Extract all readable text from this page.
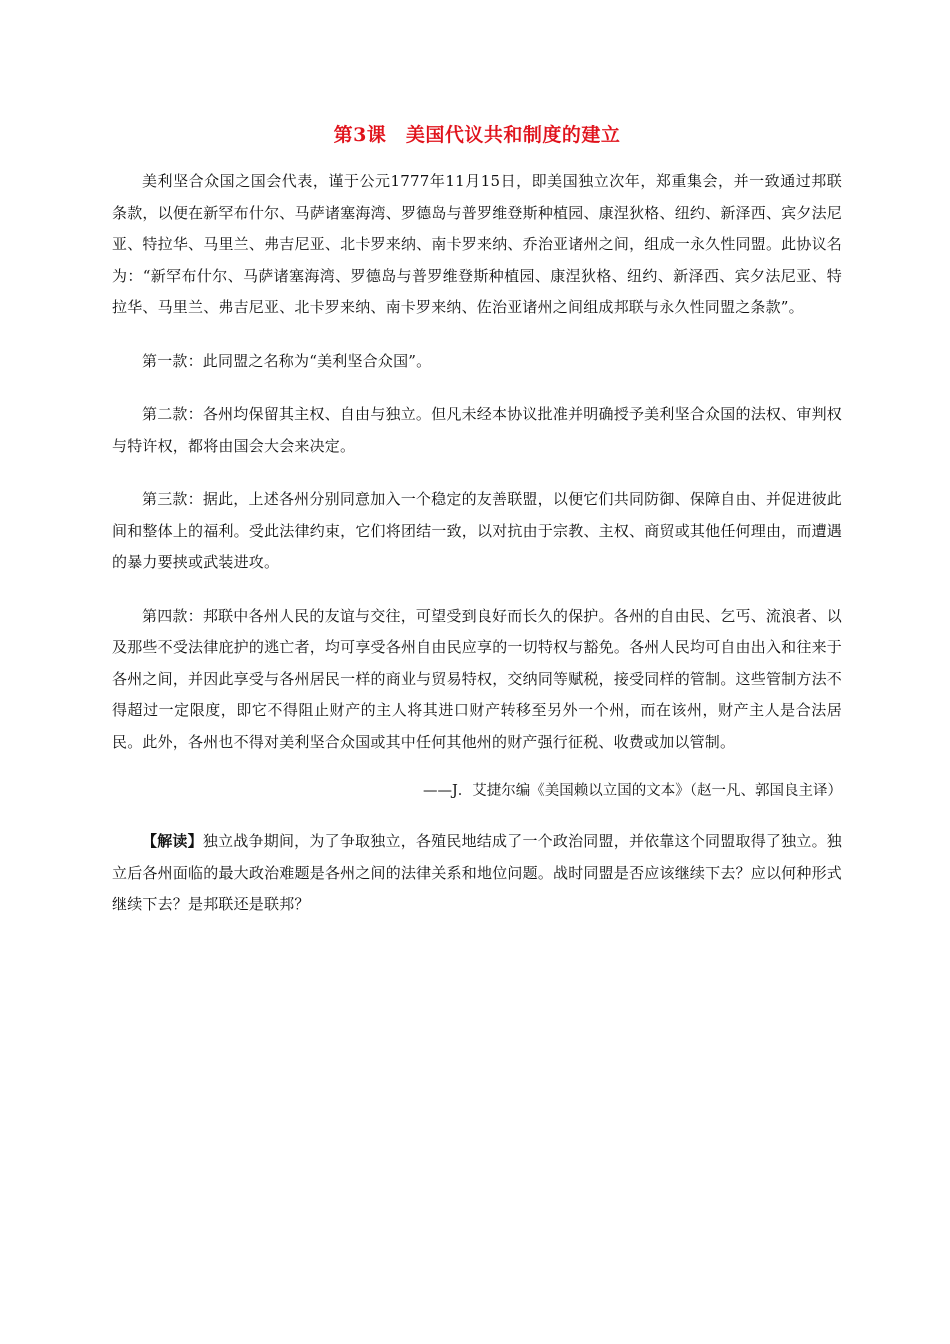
第3课　美国代议共和制度的建立

美利坚合众国之国会代表，谨于公元1777年11月15日，即美国独立次年，郑重集会，并一致通过邦联条款，以便在新罕布什尔、马萨诸塞海湾、罗德岛与普罗维登斯种植园、康涅狄格、纽约、新泽西、宾夕法尼亚、特拉华、马里兰、弗吉尼亚、北卡罗来纳、南卡罗来纳、乔治亚诸州之间，组成一永久性同盟。此协议名为：“新罕布什尔、马萨诸塞海湾、罗德岛与普罗维登斯种植园、康涅狄格、纽约、新泽西、宾夕法尼亚、特拉华、马里兰、弗吉尼亚、北卡罗来纳、南卡罗来纳、佐治亚诸州之间组成邦联与永久性同盟之条款”。

第一款：此同盟之名称为“美利坚合众国”。

第二款：各州均保留其主权、自由与独立。但凡未经本协议批准并明确授予美利坚合众国的法权、审判权与特许权，都将由国会大会来决定。

第三款：据此，上述各州分别同意加入一个稳定的友善联盟，以便它们共同防御、保障自由、并促进彼此间和整体上的福利。受此法律约束，它们将团结一致，以对抗由于宗教、主权、商贸或其他任何理由，而遭遇的暴力要挟或武装进攻。

第四款：邦联中各州人民的友谊与交往，可望受到良好而长久的保护。各州的自由民、乞丐、流浪者、以及那些不受法律庇护的逃亡者，均可享受各州自由民应享的一切特权与豁免。各州人民均可自由出入和往来于各州之间，并因此享受与各州居民一样的商业与贸易特权，交纳同等赋税，接受同样的管制。这些管制方法不得超过一定限度，即它不得阻止财产的主人将其进口财产转移至另外一个州，而在该州，财产主人是合法居民。此外，各州也不得对美利坚合众国或其中任何其他州的财产强行征税、收费或加以管制。

——J．艾捷尔编《美国赖以立国的文本》（赵一凡、郭国良主译）

【解读】独立战争期间，为了争取独立，各殖民地结成了一个政治同盟，并依靠这个同盟取得了独立。独立后各州面临的最大政治难题是各州之间的法律关系和地位问题。战时同盟是否应该继续下去？应以何种形式继续下去？是邦联还是联邦？
